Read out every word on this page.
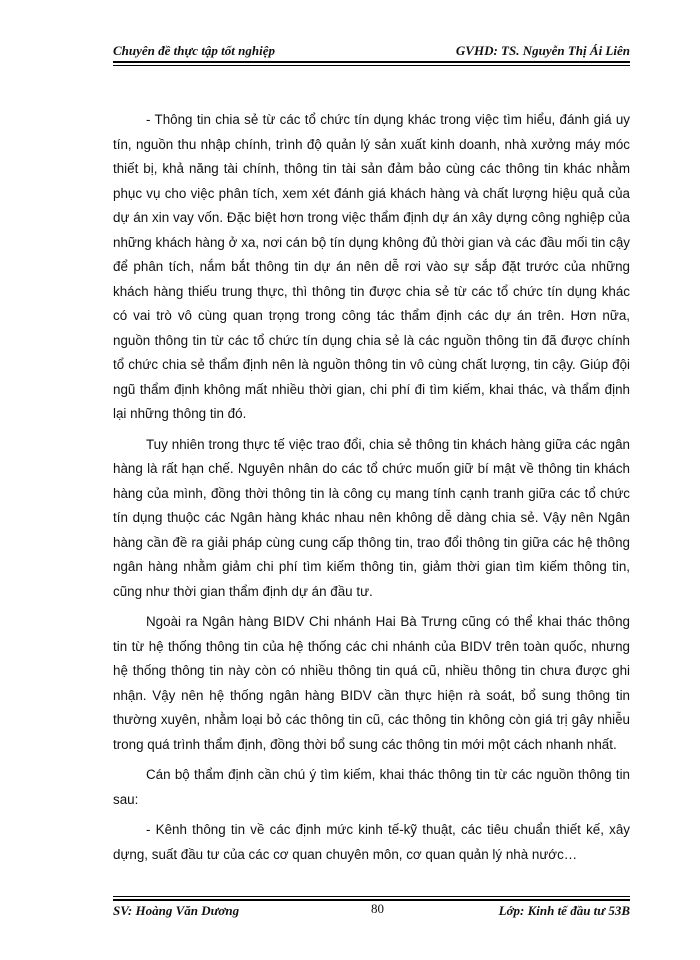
Chuyên đề thực tập tốt nghiệp	GVHD: TS. Nguyễn Thị Ái Liên

- Thông tin chia sẻ từ các tổ chức tín dụng khác trong việc tìm hiểu, đánh giá uy tín, nguồn thu nhập chính, trình độ quản lý sản xuất kinh doanh, nhà xưởng máy móc thiết bị, khả năng tài chính, thông tin tài sản đảm bảo cùng các thông tin khác nhằm phục vụ cho việc phân tích, xem xét đánh giá khách hàng và chất lượng hiệu quả của dự án xin vay vốn. Đặc biệt hơn trong việc thẩm định dự án xây dựng công nghiệp của những khách hàng ở xa, nơi cán bộ tín dụng không đủ thời gian và các đầu mối tin cậy để phân tích, nắm bắt thông tin dự án nên dễ rơi vào sự sắp đặt trước của những khách hàng thiếu trung thực, thì thông tin được chia sẻ từ các tổ chức tín dụng khác có vai trò vô cùng quan trọng trong công tác thẩm định các dự án trên. Hơn nữa, nguồn thông tin từ các tổ chức tín dụng chia sẻ là các nguồn thông tin đã được chính tổ chức chia sẻ thẩm định nên là nguồn thông tin vô cùng chất lượng, tin cậy. Giúp đội ngũ thẩm định không mất nhiều thời gian, chi phí đi tìm kiếm, khai thác, và thẩm định lại những thông tin đó.

Tuy nhiên trong thực tế việc trao đổi, chia sẻ thông tin khách hàng giữa các ngân hàng là rất hạn chế. Nguyên nhân do các tổ chức muốn giữ bí mật về thông tin khách hàng của mình, đồng thời thông tin là công cụ mang tính cạnh tranh giữa các tổ chức tín dụng thuộc các Ngân hàng khác nhau nên không dễ dàng chia sẻ. Vậy nên Ngân hàng cần đề ra giải pháp cùng cung cấp thông tin, trao đổi thông tin giữa các hệ thông ngân hàng nhằm giảm chi phí tìm kiếm thông tin, giảm thời gian tìm kiếm thông tin, cũng như thời gian thẩm định dự án đầu tư.

Ngoài ra Ngân hàng BIDV Chi nhánh Hai Bà Trưng cũng có thể khai thác thông tin từ hệ thống thông tin của hệ thống các chi nhánh của BIDV trên toàn quốc, nhưng hệ thống thông tin này còn có nhiều thông tin quá cũ, nhiều thông tin chưa được ghi nhận. Vậy nên hệ thống ngân hàng BIDV cần thực hiện rà soát, bổ sung thông tin thường xuyên, nhằm loại bỏ các thông tin cũ, các thông tin không còn giá trị gây nhiễu trong quá trình thẩm định, đồng thời bổ sung các thông tin mới một cách nhanh nhất.

Cán bộ thẩm định cần chú ý tìm kiếm, khai thác thông tin từ các nguồn thông tin sau:

- Kênh thông tin về các định mức kinh tế-kỹ thuật, các tiêu chuẩn thiết kế, xây dựng, suất đầu tư của các cơ quan chuyên môn, cơ quan quản lý nhà nước…

SV: Hoàng Văn Dương	80	Lớp: Kinh tế đầu tư 53B
